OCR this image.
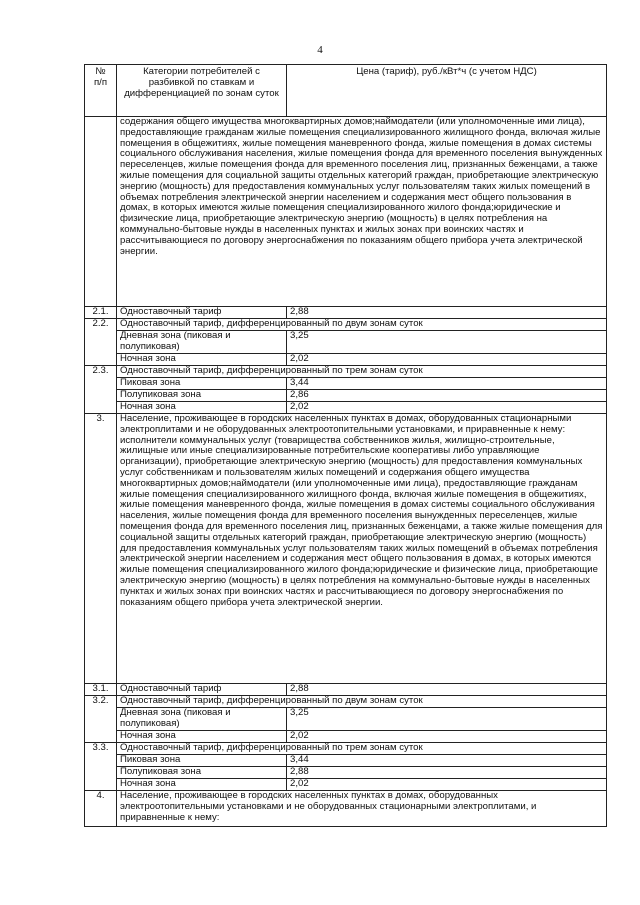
4
№
п/п	Категории потребителей с разбивкой по ставкам и дифференциацией по зонам суток	Цена (тариф), руб./кВт*ч (с учетом НДС)
	содержания общего имущества многоквартирных домов;наймодатели (или уполномоченные ими лица), предоставляющие гражданам жилые помещения специализированного жилищного фонда, включая жилые помещения в общежитиях, жилые помещения маневренного фонда, жилые помещения в домах системы социального обслуживания населения, жилые помещения фонда для временного поселения вынужденных переселенцев, жилые помещения фонда для временного поселения лиц, признанных беженцами, а также жилые помещения для социальной защиты отдельных категорий граждан, приобретающие электрическую энергию (мощность) для предоставления коммунальных услуг пользователям таких жилых помещений в объемах потребления электрической энергии населением и содержания мест общего пользования в домах, в которых имеются жилые помещения специализированного жилого фонда;юридические и физические лица, приобретающие электрическую энергию (мощность) в целях потребления на коммунально-бытовые нужды в населенных пунктах и жилых зонах при воинских частях и рассчитывающиеся по договору энергоснабжения по показаниям общего прибора учета электрической энергии.	
2.1.	Одноставочный тариф	2,88
2.2.	Одноставочный тариф, дифференцированный по двум зонам суток	
	Дневная зона (пиковая и полупиковая)	3,25
	Ночная зона	2,02
2.3.	Одноставочный тариф, дифференцированный по трем зонам суток	
	Пиковая зона	3,44
	Полупиковая зона	2,86
	Ночная зона	2,02
3.	Население, проживающее в городских населенных пунктах в домах, оборудованных стационарными электроплитами и не оборудованных электроотопительными установками, и приравненные к нему:
исполнители коммунальных услуг (товарищества собственников жилья, жилищно-строительные, жилищные или иные специализированные потребительские кооперативы либо управляющие организации), приобретающие электрическую энергию (мощность) для предоставления коммунальных услуг собственникам и пользователям жилых помещений и содержания общего имущества многоквартирных домов;наймодатели (или уполномоченные ими лица), предоставляющие гражданам жилые помещения специализированного жилищного фонда, включая жилые помещения в общежитиях, жилые помещения маневренного фонда, жилые помещения в домах системы социального обслуживания населения, жилые помещения фонда для временного поселения вынужденных переселенцев, жилые помещения фонда для временного поселения лиц, признанных беженцами, а также жилые помещения для социальной защиты отдельных категорий граждан, приобретающие электрическую энергию (мощность) для предоставления коммунальных услуг пользователям таких жилых помещений в объемах потребления электрической энергии населением и содержания мест общего пользования в домах, в которых имеются жилые помещения специализированного жилого фонда;юридические и физические лица, приобретающие электрическую энергию (мощность) в целях потребления на коммунально-бытовые нужды в населенных пунктах и жилых зонах при воинских частях и рассчитывающиеся по договору энергоснабжения по показаниям общего прибора учета электрической энергии.	
3.1.	Одноставочный тариф	2,88
3.2.	Одноставочный тариф, дифференцированный по двум зонам суток	
	Дневная зона (пиковая и полупиковая)	3,25
	Ночная зона	2,02
3.3.	Одноставочный тариф, дифференцированный по трем зонам суток	
	Пиковая зона	3,44
	Полупиковая зона	2,88
	Ночная зона	2,02
4.	Население, проживающее в городских населенных пунктах в домах, оборудованных электроотопительными установками и не оборудованных стационарными электроплитами, и приравненные к нему:	
